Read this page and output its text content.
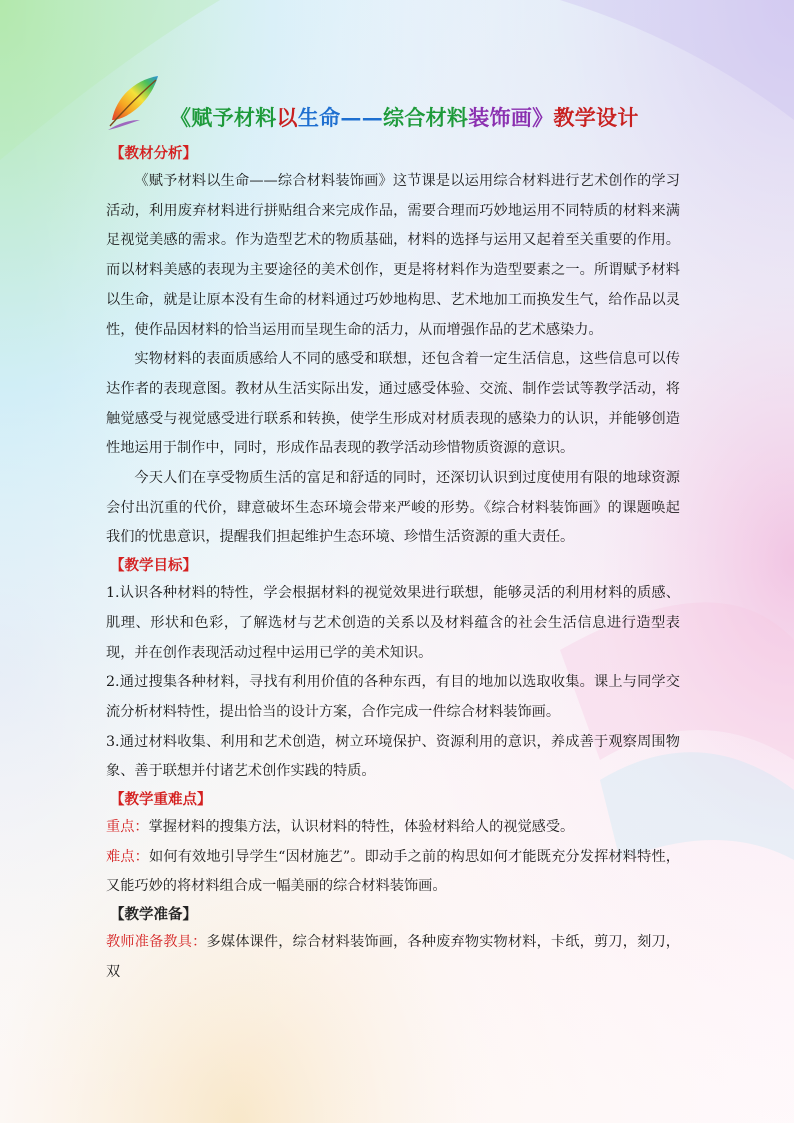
《赋予材料以生命——综合材料装饰画》教学设计
【教材分析】

《赋予材料以生命——综合材料装饰画》这节课是以运用综合材料进行艺术创作的学习活动，利用废弃材料进行拼贴组合来完成作品，需要合理而巧妙地运用不同特质的材料来满足视觉美感的需求。作为造型艺术的物质基础，材料的选择与运用又起着至关重要的作用。而以材料美感的表现为主要途径的美术创作，更是将材料作为造型要素之一。所谓赋予材料以生命，就是让原本没有生命的材料通过巧妙地构思、艺术地加工而换发生气，给作品以灵性，使作品因材料的恰当运用而呈现生命的活力，从而增强作品的艺术感染力。

实物材料的表面质感给人不同的感受和联想，还包含着一定生活信息，这些信息可以传达作者的表现意图。教材从生活实际出发，通过感受体验、交流、制作尝试等教学活动，将触觉感受与视觉感受进行联系和转换，使学生形成对材质表现的感染力的认识，并能够创造性地运用于制作中，同时，形成作品表现的教学活动珍惜物质资源的意识。

今天人们在享受物质生活的富足和舒适的同时，还深切认识到过度使用有限的地球资源会付出沉重的代价，肆意破坏生态环境会带来严峻的形势。《综合材料装饰画》的课题唤起我们的忧患意识，提醒我们担起维护生态环境、珍惜生活资源的重大责任。

【教学目标】

1.认识各种材料的特性，学会根据材料的视觉效果进行联想，能够灵活的利用材料的质感、肌理、形状和色彩，了解选材与艺术创造的关系以及材料蕴含的社会生活信息进行造型表现，并在创作表现活动过程中运用已学的美术知识。

2.通过搜集各种材料，寻找有利用价值的各种东西，有目的地加以选取收集。课上与同学交流分析材料特性，提出恰当的设计方案，合作完成一件综合材料装饰画。

3.通过材料收集、利用和艺术创造，树立环境保护、资源利用的意识，养成善于观察周围物象、善于联想并付诸艺术创作实践的特质。

【教学重难点】

重点：掌握材料的搜集方法，认识材料的特性，体验材料给人的视觉感受。

难点：如何有效地引导学生“因材施艺”。即动手之前的构思如何才能既充分发挥材料特性，又能巧妙的将材料组合成一幅美丽的综合材料装饰画。

【教学准备】

教师准备教具：多媒体课件，综合材料装饰画，各种废弃物实物材料，卡纸，剪刀，刻刀，双
